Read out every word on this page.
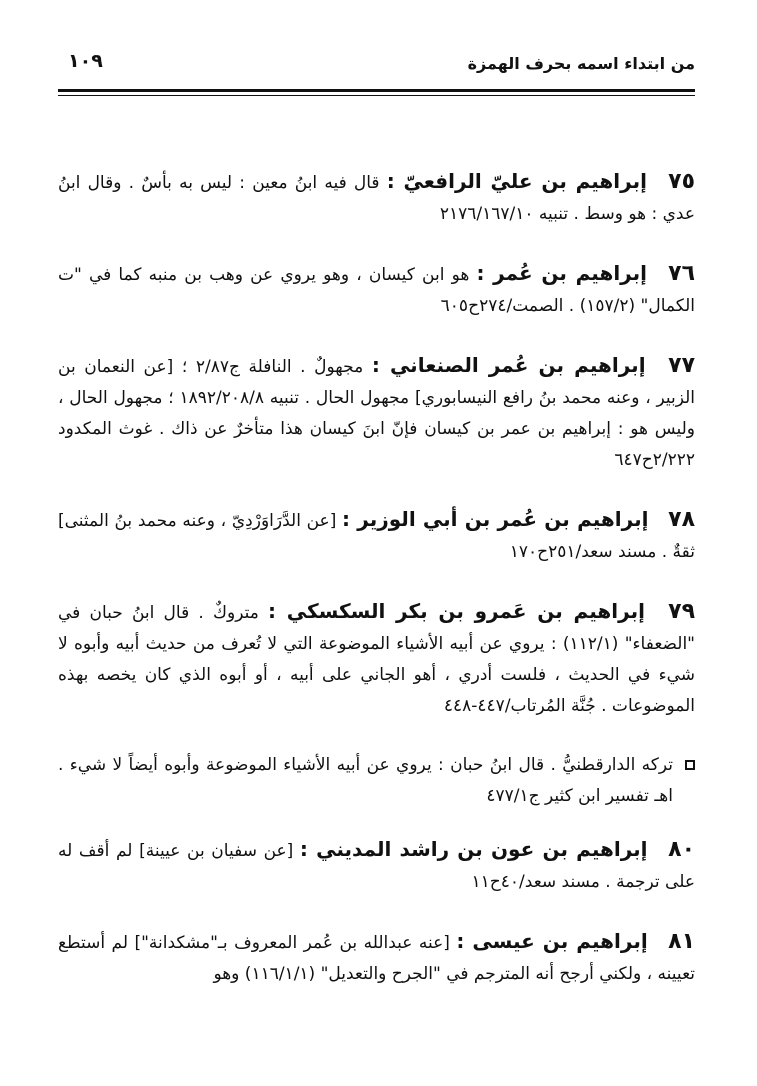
١٠٩	من ابتداء اسمه بحرف الهمزة

٧٥ إبراهيم بن عليّ الرافعيّ : قال فيه ابنُ معين : ليس به بأسٌ . وقال ابنُ عدي : هو وسط . تنبيه ٢١٧٦/١٦٧/١٠

٧٦ إبراهيم بن عُمر : هو ابن كيسان ، وهو يروي عن وهب بن منبه كما في "ت الكمال" (١٥٧/٢) . الصمت/٢٧٤ح٦٠٥

٧٧ إبراهيم بن عُمر الصنعاني : مجهولٌ . النافلة ج٢/٨٧ ؛ [عن النعمان بن الزبير ، وعنه محمد بنُ رافع النيسابوري] مجهول الحال . تنبيه ١٨٩٢/٢٠٨/٨ ؛ مجهول الحال ، وليس هو : إبراهيم بن عمر بن كيسان فإنّ ابنَ كيسان هذا متأخرٌ عن ذاك . غوث المكدود ٢/٢٢٢ح٦٤٧

٧٨ إبراهيم بن عُمر بن أبي الوزير : [عن الدَّرَاوَرْدِيّ ، وعنه محمد بنُ المثنى] ثقةٌ . مسند سعد/٢٥١ح١٧٠

٧٩ إبراهيم بن عَمرو بن بكر السكسكي : متروكٌ . قال ابنُ حبان في "الضعفاء" (١١٢/١) : يروي عن أبيه الأشياء الموضوعة التي لا تُعرف من حديث أبيه وأبوه لا شيء في الحديث ، فلست أدري ، أهو الجاني على أبيه ، أو أبوه الذي كان يخصه بهذه الموضوعات . جُنَّة المُرتاب/٤٤٧-٤٤٨

تركه الدارقطنيُّ . قال ابنُ حبان : يروي عن أبيه الأشياء الموضوعة وأبوه أيضاً لا شيء . اهـ تفسير ابن كثير ج٤٧٧/١

٨٠ إبراهيم بن عون بن راشد المديني : [عن سفيان بن عيينة] لم أقف له على ترجمة . مسند سعد/٤٠ح١١

٨١ إبراهيم بن عيسى : [عنه عبدالله بن عُمر المعروف بـ"مشكدانة"] لم أستطع تعيينه ، ولكني أرجح أنه المترجم في "الجرح والتعديل" (١١٦/١/١) وهو
